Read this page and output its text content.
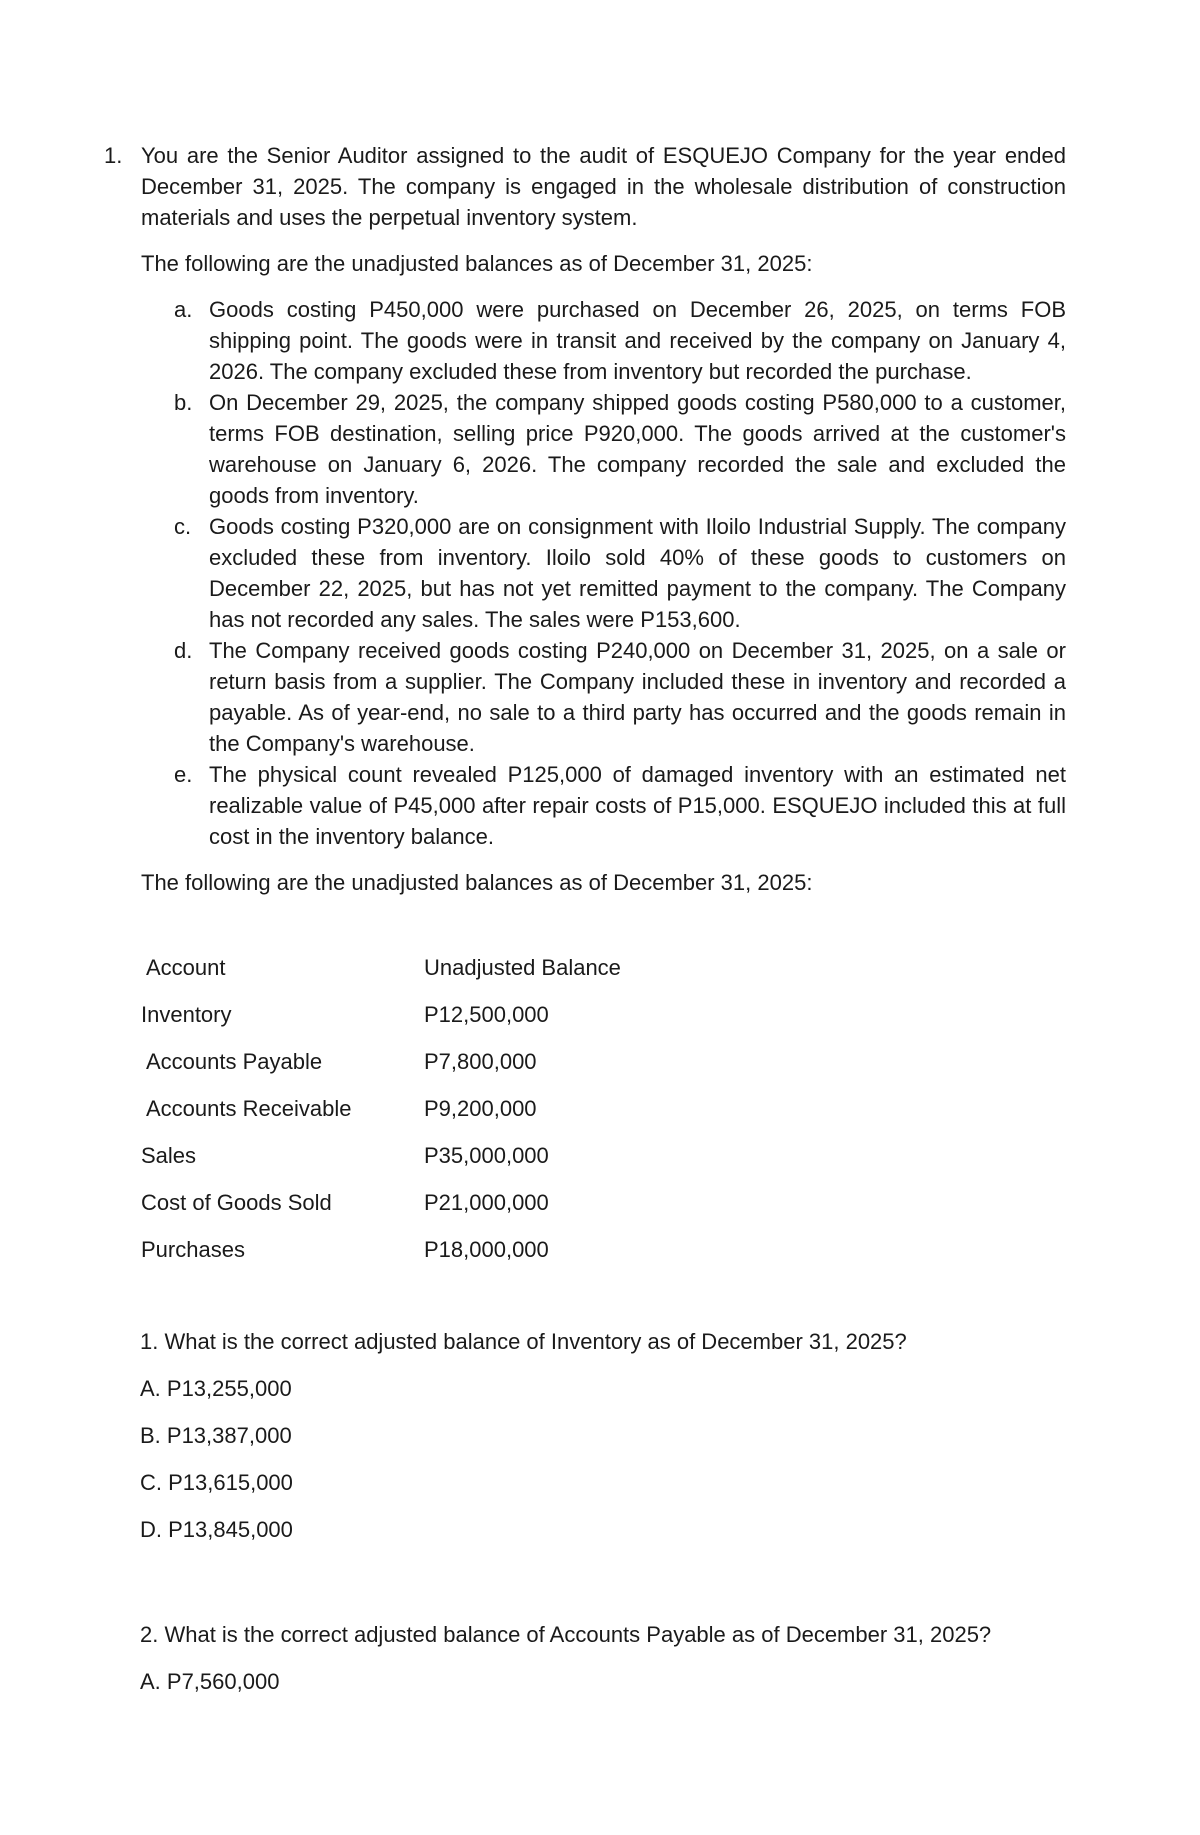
1. You are the Senior Auditor assigned to the audit of ESQUEJO Company for the year ended December 31, 2025. The company is engaged in the wholesale distribution of construction materials and uses the perpetual inventory system.
The following are the unadjusted balances as of December 31, 2025:
a. Goods costing P450,000 were purchased on December 26, 2025, on terms FOB shipping point. The goods were in transit and received by the company on January 4, 2026. The company excluded these from inventory but recorded the purchase.
b. On December 29, 2025, the company shipped goods costing P580,000 to a customer, terms FOB destination, selling price P920,000. The goods arrived at the customer's warehouse on January 6, 2026. The company recorded the sale and excluded the goods from inventory.
c. Goods costing P320,000 are on consignment with Iloilo Industrial Supply. The company excluded these from inventory. Iloilo sold 40% of these goods to customers on December 22, 2025, but has not yet remitted payment to the company. The Company has not recorded any sales. The sales were P153,600.
d. The Company received goods costing P240,000 on December 31, 2025, on a sale or return basis from a supplier. The Company included these in inventory and recorded a payable. As of year-end, no sale to a third party has occurred and the goods remain in the Company's warehouse.
e. The physical count revealed P125,000 of damaged inventory with an estimated net realizable value of P45,000 after repair costs of P15,000. ESQUEJO included this at full cost in the inventory balance.
The following are the unadjusted balances as of December 31, 2025:
Account	Unadjusted Balance
Inventory	P12,500,000
Accounts Payable	P7,800,000
Accounts Receivable	P9,200,000
Sales	P35,000,000
Cost of Goods Sold	P21,000,000
Purchases	P18,000,000
1. What is the correct adjusted balance of Inventory as of December 31, 2025?
A. P13,255,000
B. P13,387,000
C. P13,615,000
D. P13,845,000
2. What is the correct adjusted balance of Accounts Payable as of December 31, 2025?
A. P7,560,000
